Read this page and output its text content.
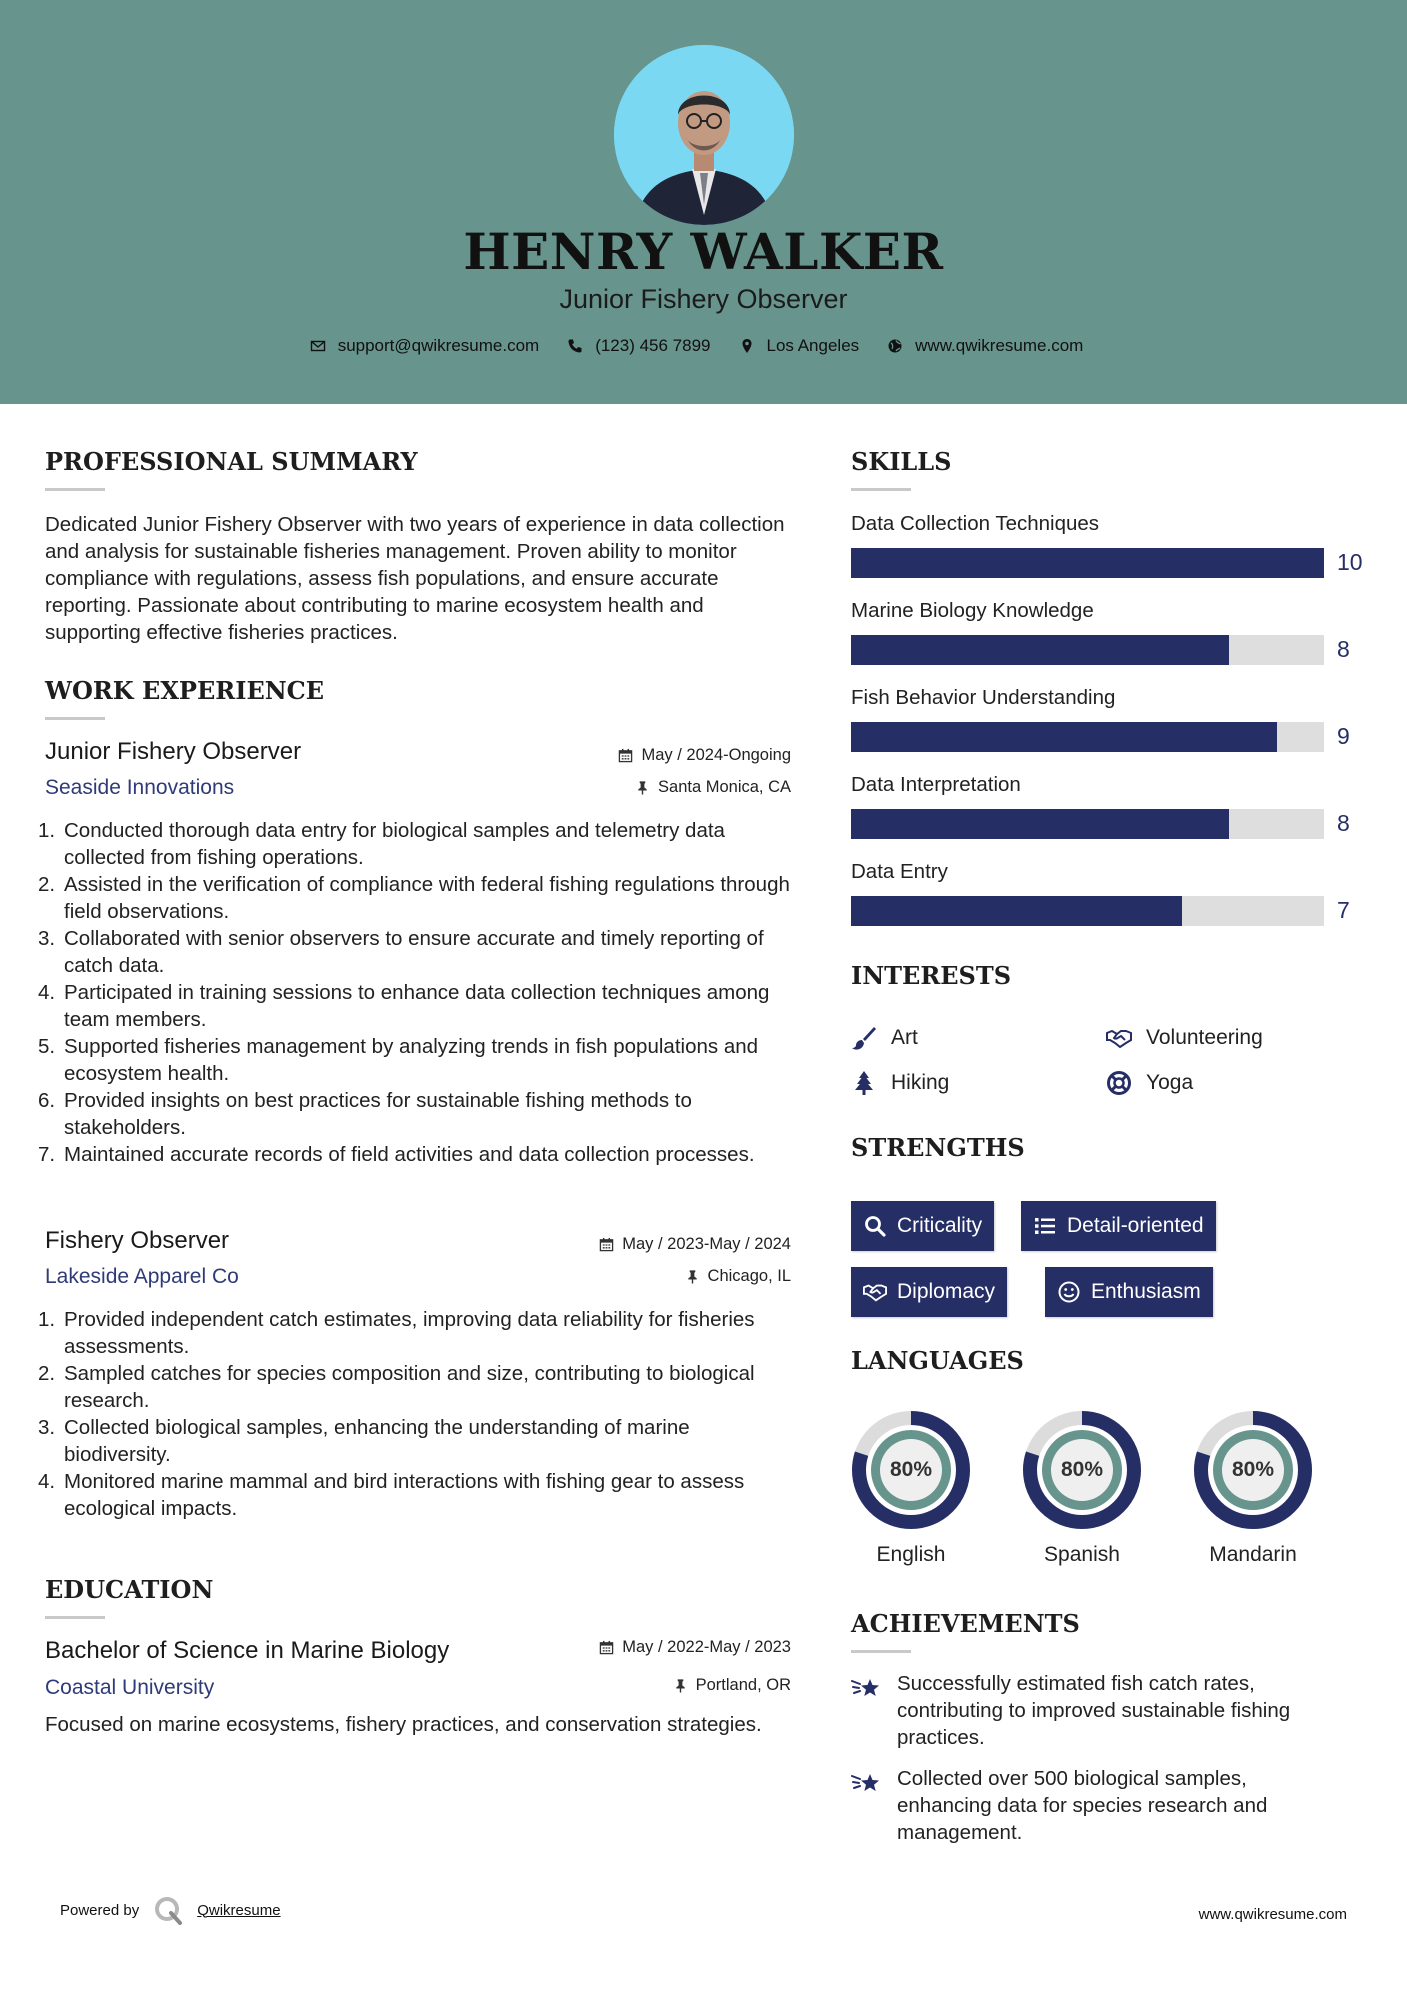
HENRY WALKER
Junior Fishery Observer
support@qwikresume.com	(123) 456 7899	Los Angeles	www.qwikresume.com
PROFESSIONAL SUMMARY
Dedicated Junior Fishery Observer with two years of experience in data collection and analysis for sustainable fisheries management. Proven ability to monitor compliance with regulations, assess fish populations, and ensure accurate reporting. Passionate about contributing to marine ecosystem health and supporting effective fisheries practices.
WORK EXPERIENCE
Junior Fishery Observer	May / 2024-Ongoing
Seaside Innovations	Santa Monica, CA
1. Conducted thorough data entry for biological samples and telemetry data collected from fishing operations.
2. Assisted in the verification of compliance with federal fishing regulations through field observations.
3. Collaborated with senior observers to ensure accurate and timely reporting of catch data.
4. Participated in training sessions to enhance data collection techniques among team members.
5. Supported fisheries management by analyzing trends in fish populations and ecosystem health.
6. Provided insights on best practices for sustainable fishing methods to stakeholders.
7. Maintained accurate records of field activities and data collection processes.
Fishery Observer	May / 2023-May / 2024
Lakeside Apparel Co	Chicago, IL
1. Provided independent catch estimates, improving data reliability for fisheries assessments.
2. Sampled catches for species composition and size, contributing to biological research.
3. Collected biological samples, enhancing the understanding of marine biodiversity.
4. Monitored marine mammal and bird interactions with fishing gear to assess ecological impacts.
EDUCATION
Bachelor of Science in Marine Biology	May / 2022-May / 2023
Coastal University	Portland, OR
Focused on marine ecosystems, fishery practices, and conservation strategies.
SKILLS
Data Collection Techniques
10
Marine Biology Knowledge
8
Fish Behavior Understanding
9
Data Interpretation
8
Data Entry
7
INTERESTS
Art	Volunteering
Hiking	Yoga
STRENGTHS
Criticality	Detail-oriented
Diplomacy	Enthusiasm
LANGUAGES
80%
English
80%
Spanish
80%
Mandarin
ACHIEVEMENTS
Successfully estimated fish catch rates, contributing to improved sustainable fishing practices.
Collected over 500 biological samples, enhancing data for species research and management.
Powered by	Qwikresume	www.qwikresume.com
